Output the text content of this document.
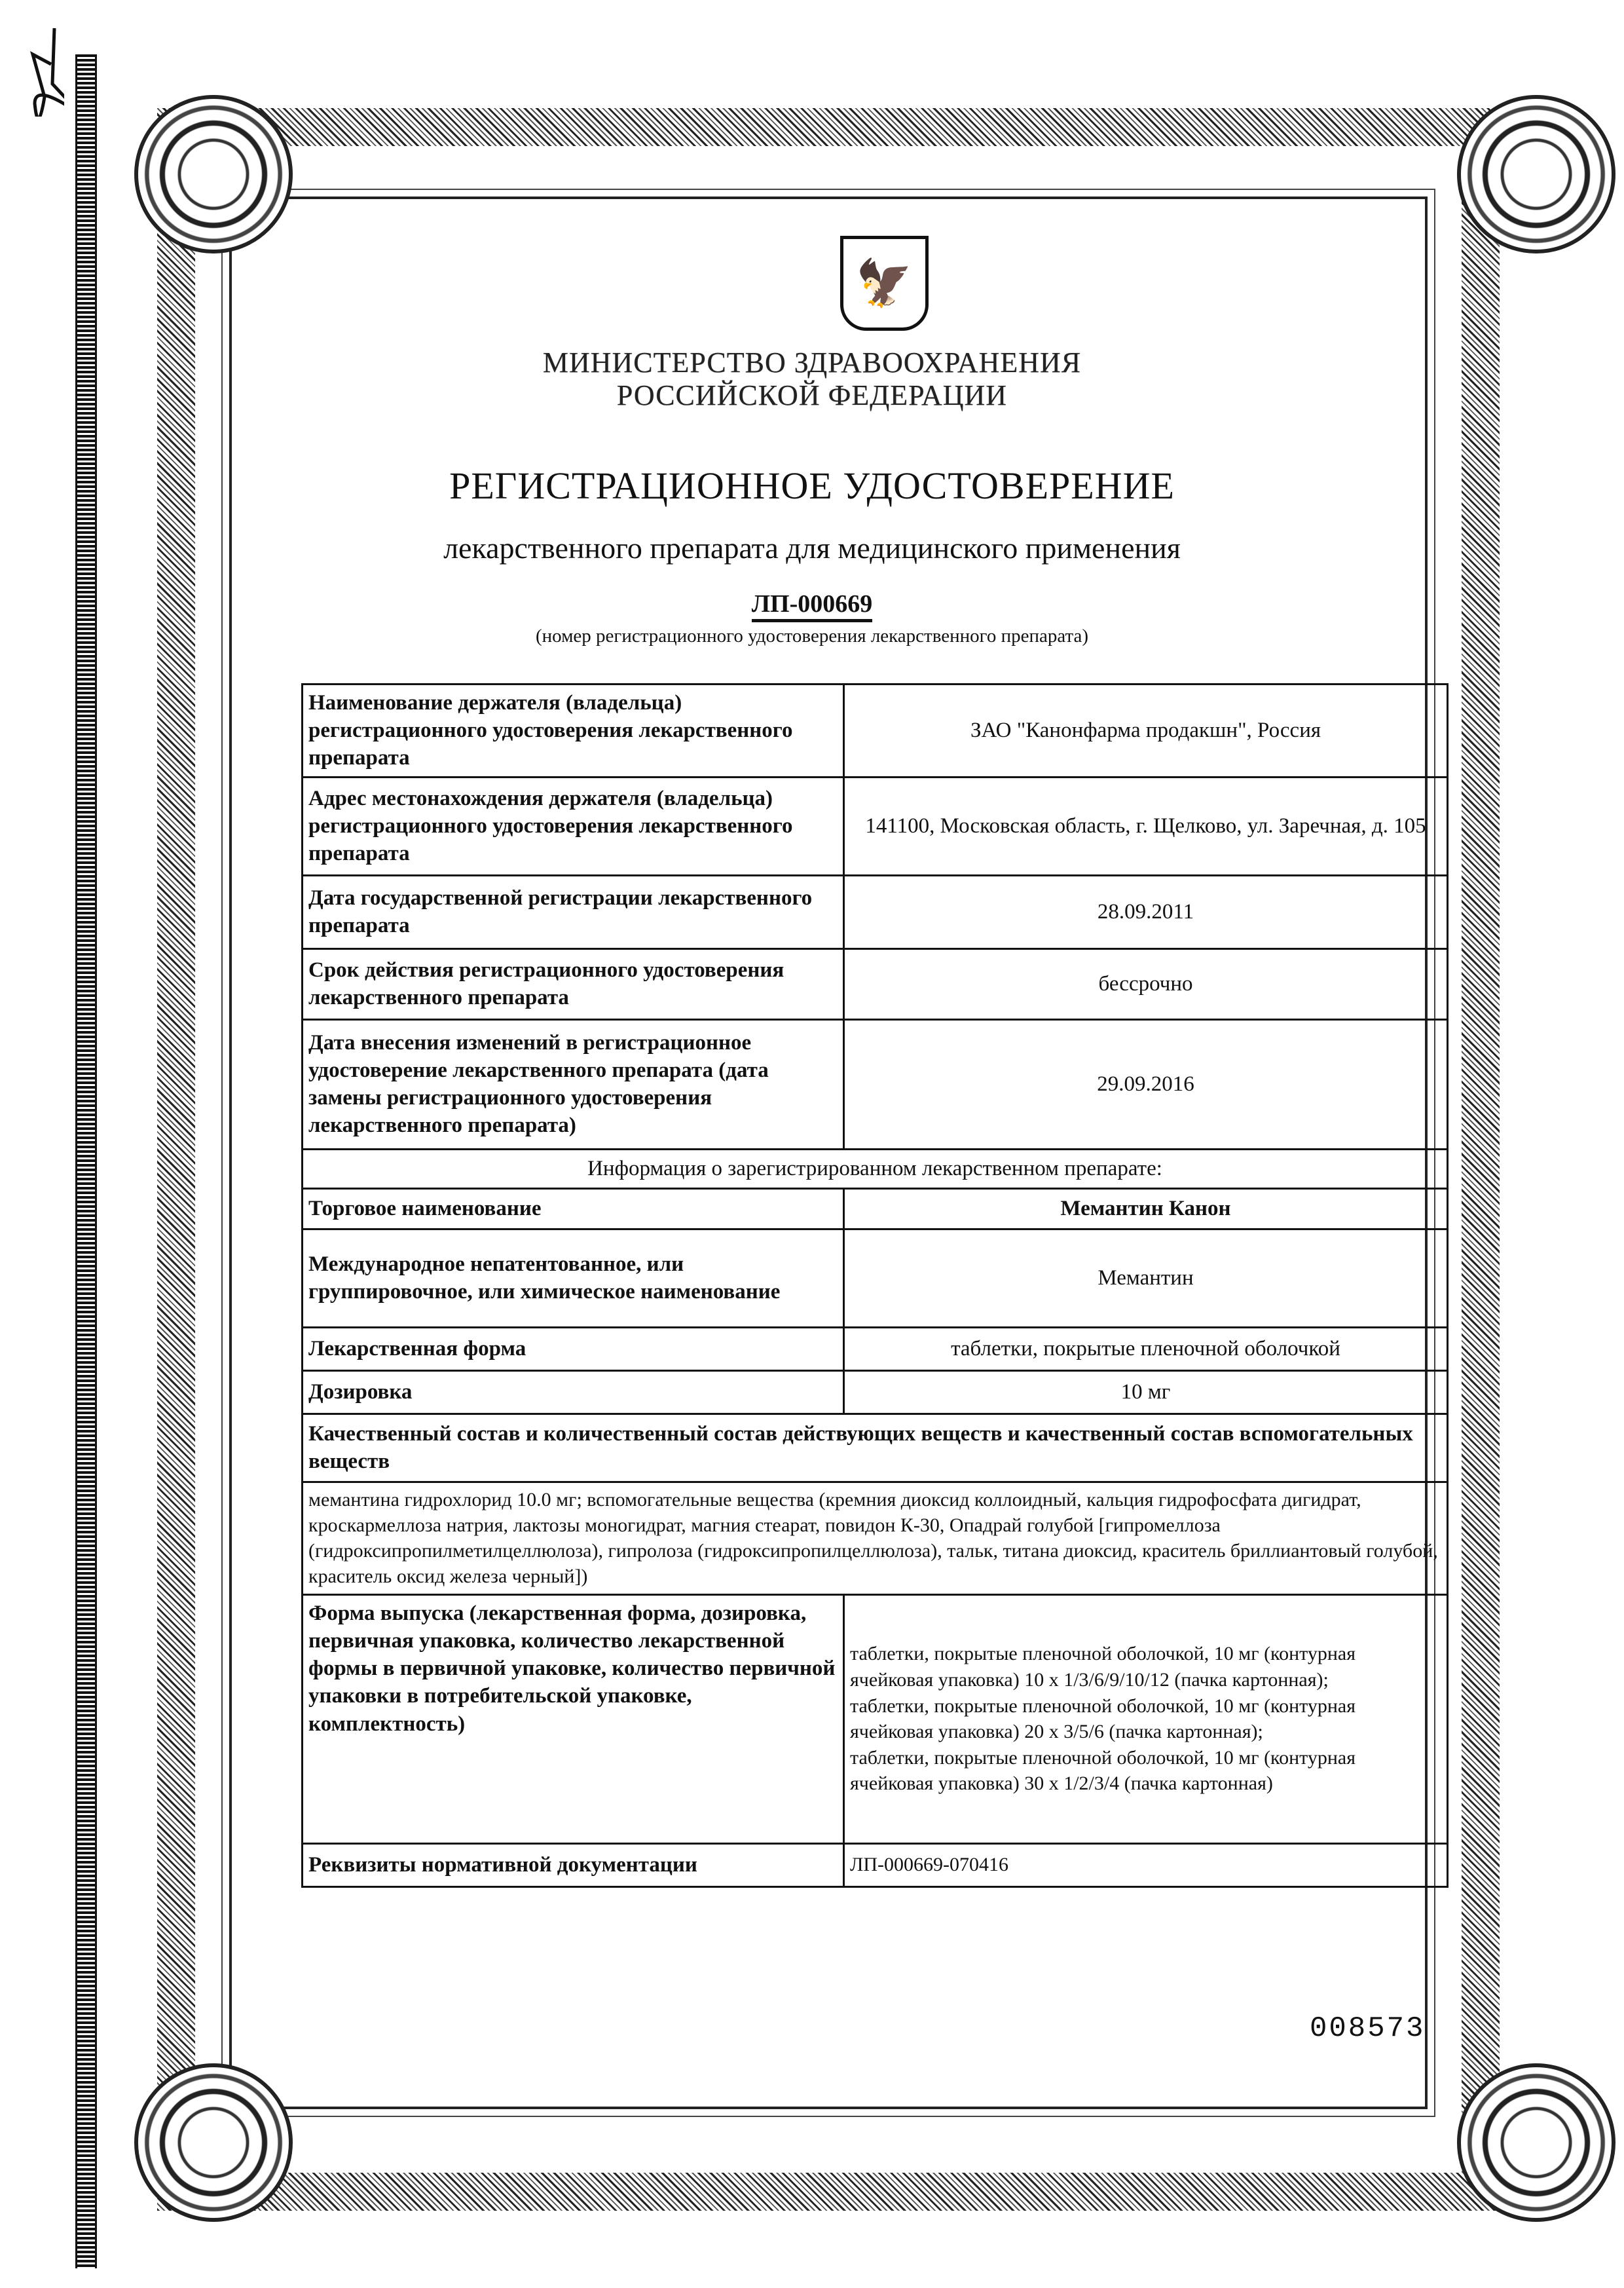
🦅
МИНИСТЕРСТВО ЗДРАВООХРАНЕНИЯ
РОССИЙСКОЙ ФЕДЕРАЦИИ
РЕГИСТРАЦИОННОЕ УДОСТОВЕРЕНИЕ
лекарственного препарата для медицинского применения
ЛП-000669
(номер регистрационного удостоверения лекарственного препарата)
Наименование держателя (владельца) регистрационного удостоверения лекарственного препарата	ЗАО "Канонфарма продакшн", Россия
Адрес местонахождения держателя (владельца) регистрационного удостоверения лекарственного препарата	141100, Московская область, г. Щелково, ул. Заречная, д. 105
Дата государственной регистрации лекарственного препарата	28.09.2011
Срок действия регистрационного удостоверения лекарственного препарата	бессрочно
Дата внесения изменений в регистрационное удостоверение лекарственного препарата (дата замены регистрационного удостоверения лекарственного препарата)	29.09.2016
Информация о зарегистрированном лекарственном препарате:	
Торговое наименование	Мемантин Канон
Международное непатентованное, или группировочное, или химическое наименование	Мемантин
Лекарственная форма	таблетки, покрытые пленочной оболочкой
Дозировка	10 мг
Качественный состав и количественный состав действующих веществ и качественный состав вспомогательных веществ	
мемантина гидрохлорид 10.0 мг; вспомогательные вещества (кремния диоксид коллоидный, кальция гидрофосфата дигидрат, кроскармеллоза натрия, лактозы моногидрат, магния стеарат, повидон К-30, Опадрай голубой [гипромеллоза (гидроксипропилметилцеллюлоза), гипролоза (гидроксипропилцеллюлоза), тальк, титана диоксид, краситель бриллиантовый голубой, краситель оксид железа черный])	
Форма выпуска (лекарственная форма, дозировка, первичная упаковка, количество лекарственной формы в первичной упаковке, количество первичной упаковки в потребительской упаковке, комплектность)	таблетки, покрытые пленочной оболочкой, 10 мг (контурная ячейковая упаковка) 10 x 1/3/6/9/10/12 (пачка картонная);
таблетки, покрытые пленочной оболочкой, 10 мг (контурная ячейковая упаковка) 20 x 3/5/6 (пачка картонная);
таблетки, покрытые пленочной оболочкой, 10 мг (контурная ячейковая упаковка) 30 x 1/2/3/4 (пачка картонная)

Реквизиты нормативной документации	ЛП-000669-070416
008573
